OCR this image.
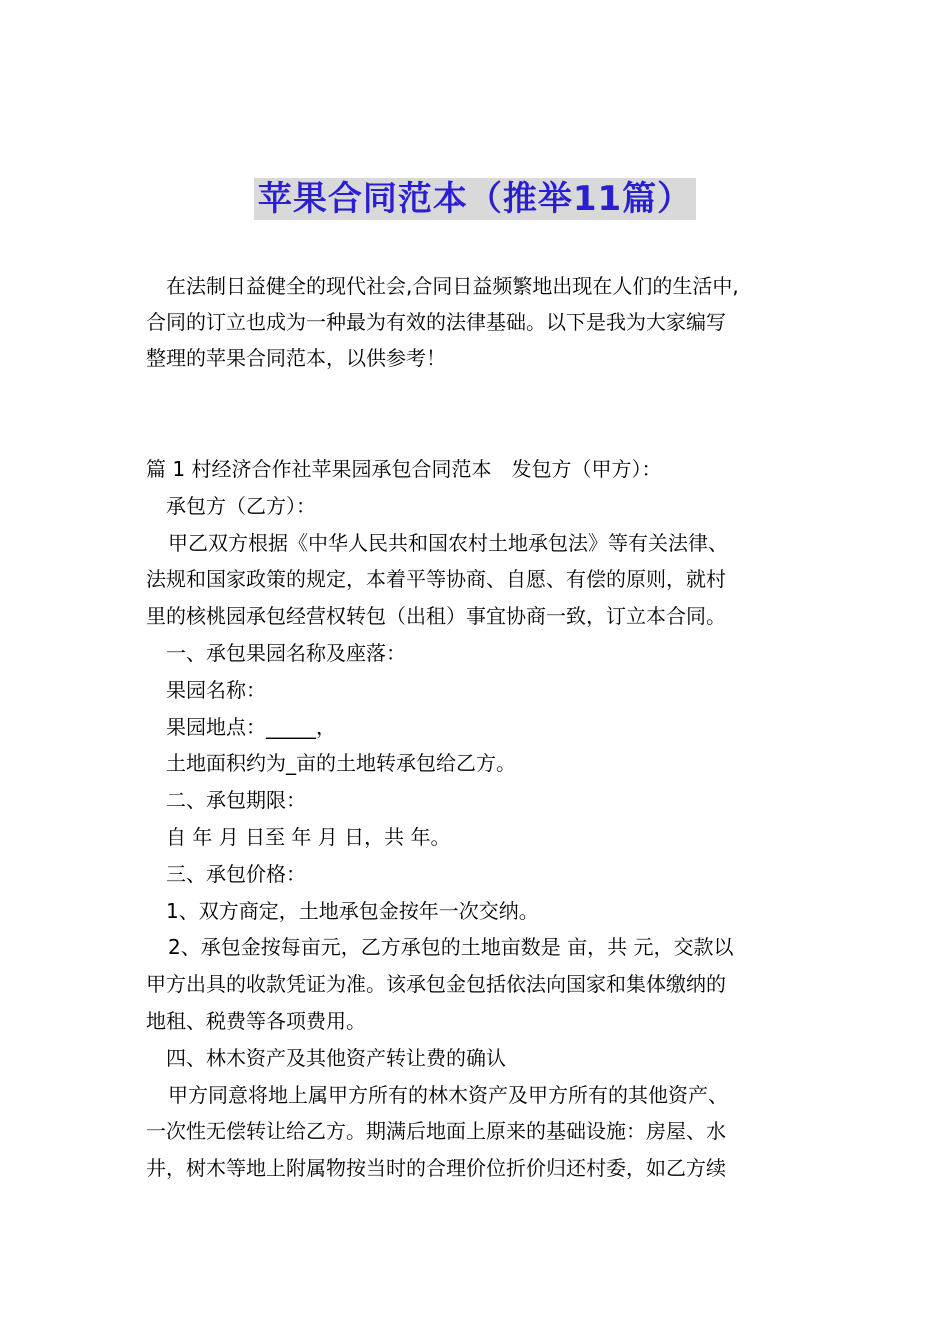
苹果合同范本（推举11篇）

在法制日益健全的现代社会,合同日益频繁地出现在人们的生活中,

合同的订立也成为一种最为有效的法律基础。以下是我为大家编写

整理的苹果合同范本，以供参考！

篇 1 村经济合作社苹果园承包合同范本　发包方（甲方）：

承包方（乙方）：

甲乙双方根据《中华人民共和国农村土地承包法》等有关法律、

法规和国家政策的规定，本着平等协商、自愿、有偿的原则，就村

里的核桃园承包经营权转包（出租）事宜协商一致，订立本合同。

一、承包果园名称及座落：

果园名称：

果园地点：_____，

土地面积约为_亩的土地转承包给乙方。

二、承包期限：

自 年 月 日至 年 月 日，共 年。

三、承包价格：

1、双方商定，土地承包金按年一次交纳。

2、承包金按每亩元，乙方承包的土地亩数是 亩，共 元，交款以

甲方出具的收款凭证为准。该承包金包括依法向国家和集体缴纳的

地租、税费等各项费用。

四、林木资产及其他资产转让费的确认

甲方同意将地上属甲方所有的林木资产及甲方所有的其他资产、

一次性无偿转让给乙方。期满后地面上原来的基础设施：房屋、水

井，树木等地上附属物按当时的合理价位折价归还村委，如乙方续
